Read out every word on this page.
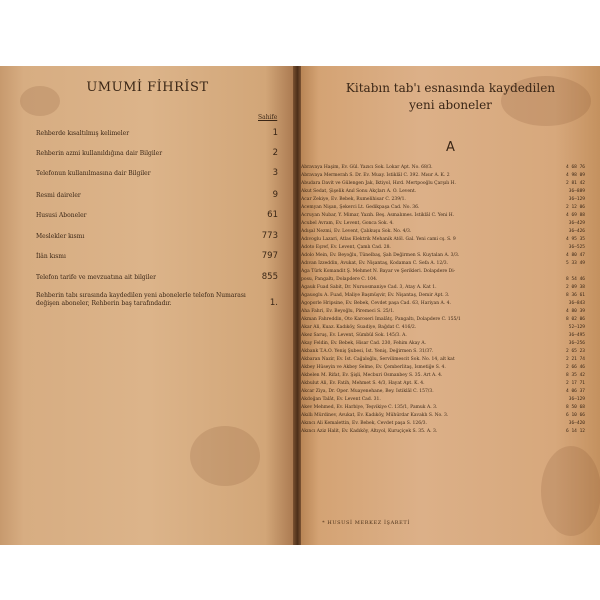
UMUMİ FİHRİST
Sahife
Rehberde kısaltılmış kelimeler	1
Rehberin azmi kullanıldığına dair Bilgiler	2
Telefonun kullanılmasına dair Bilgiler	3
Resmi daireler	9
Hususi Aboneler	61
Meslekler kısmı	773
İlân kısmı	797
Telefon tarife ve mevzuatına ait bilgiler	855
Rehberin tabı sırasında kaydedilen yeni abonelerle telefon Numarası değişen aboneler, Rehberin baş tarafındadır.	1.
Kitabın tab'ı esnasında kaydedilen
yeni aboneler
A
Abravaya Haşim, Ev. Gül. Yazıcı Sok. Lokar Apt. No. 68/3.	4 68 76
Abravaya Mermerah S. Dr. Ev. Muay. İstiklâl C. 392. Mısır A. K. 2	4 98 09
Abudara Davit ve Gülengen Jak, İktiyol, Hırd. Mertpooğlu Çarşılı H.	2 81 42
Akut Sedat, Şişelik Anıl Sonu Akçları A. O. Levent.	36—889
Acar Zekiye, Ev. Bebek, Rumelihisar C. 239/1.	36—129
Acemyan Nişan, Şekerci Lt. Gedikpaşa Cad. No. 36.	2 12 06
Acruyan Nubar, Y. Mimar, Yazıh. Beş. Asmalımes. İstiklâl C. Yeni H.	4 69 88
Acubel Avram, Ev. Levent, Gonca Sok. 4.	36—429
Adışal Nezmi, Ev. Levent, Çalıkuşu Sok. No. 4/3.	36—426
Adıvoglu Lazari, Atlas Elektrik Mehanik Atöl. Gal. Yeni cami cş. S. 9	4 95 35
Adoto Eşref, Ev. Levent, Çamlı Cad. 28.	36—525
Adolo Mein, Ev. Beyoğlu, Tünelbaş, Şah Değirmen S. Kuytalan A. 3/3.	4 80 47
Adıvan İzzeddin, Avukat, Ev. Nişantaş, Kodaman C. Sefa A. 12/3.	5 33 49
Aga Türk Komandit Ş. Mehmet N. Bayar ve Şerikleri. Dolapdere Di-
posu, Pangaltı, Dolapdere C. 104.	8 54 46
Agauk Fuad Sabit, Dr. Nuruosmaniye Cad. 3, Atay A. Kat 1.	2 09 38
Agauoglu A. Fuad, Maliye Başmüşvir, Ev. Nişantaş, Demir Apt. 3.	8 36 61
Agoporle Hripsine, Ev. Bebek, Cevdet paşa Cad. 63, Hariyan A. 4.	36—843
Aha Fahri, Ev. Beyoğlu, Piremeci S. 25/1.	4 80 39
Akman Fahreddin, Oto Karoseri İmalâtç. Pangaltı, Dolapdere C. 155/1	8 02 06
Akar Ali, Kuaz. Kadıköy, Suadiye, Bağdat C. 416/2.	52—129
Akez Saruş, Ev. Levent, Sümbül Sok. 145/3. A.	36—495
Akay Feldin, Ev. Bebek, Hisar Cad. 230, Fehim Akay A.	36—256
Akbank T.A.O. Yeniş Şubesi, İst. Yeniş, Değirmen S. 31/37.	2 65 23
Akbaran Nazir, Ev. İst. Cağaloğlu, Servilimescit Sok. No. 14, alt kat	2 21 74
Akbey Hüseyin ve Akbey Selme, Ev. Çemberlitaş, İsmetiğe S. 4.	2 66 46
Akbelen M. Rifat, Ev. Şişli, Mecburi Osmanbey S. 35. Art A. 4.	8 35 42
Akbulut Ali, Ev. Fatih, Mehmet S. 4/3, Hayat Apt. K. 4.	2 17 71
Akcar Ziya, Dr. Oper. Muayenehane, Bey. İstiklâl C. 157/3.	4 06 37
Akdoğan Talât, Ev. Levent Cad. 31.	36—129
Akev Mehmed, Ev. Harbiye, Teşvikiye C. 135/1, Pamuk A. 3.	8 50 68
Akıllı Mürdinev, Avukat, Ev. Kadıköy, Mühürdar Kavaklı S. No. 3.	6 10 66
Akıncı Ali Kemalettin, Ev. Bebek, Cevdet paşa S. 126/3.	36—420
Akıncı Aziz Halit, Ev. Kadıköy, Altıyol, Kuruçiçek S. 35. A. 3.	6 14 12
* HUSUSİ MERKEZ İŞARETİ
